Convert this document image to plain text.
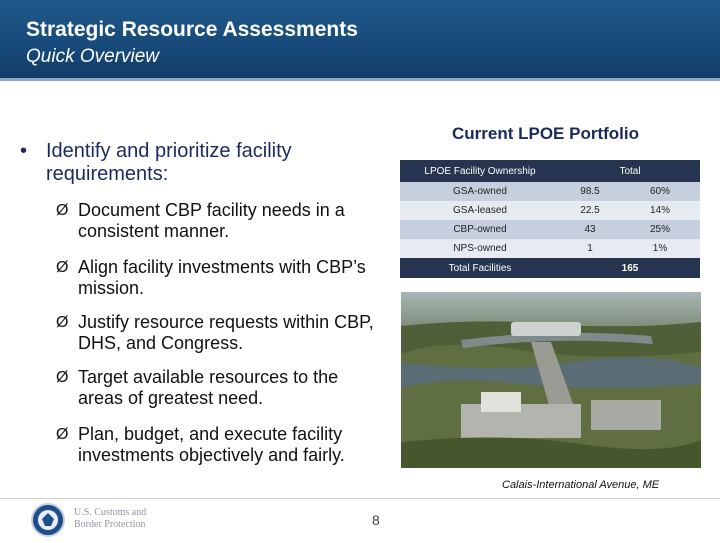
Strategic Resource Assessments
Quick Overview
• Identify and prioritize facility requirements:
Ø Document CBP facility needs in a consistent manner.
Ø Align facility investments with CBP’s mission.
Ø Justify resource requests within CBP, DHS, and Congress.
Ø Target available resources to the areas of greatest need.
Ø Plan, budget, and execute facility investments objectively and fairly.
Current LPOE Portfolio
LPOE Facility Ownership	Total
GSA-owned	98.5	60%
GSA-leased	22.5	14%
CBP-owned	43	25%
NPS-owned	1	1%
Total Facilities	165
Calais-International Avenue, ME
U.S. Customs and
Border Protection	8
